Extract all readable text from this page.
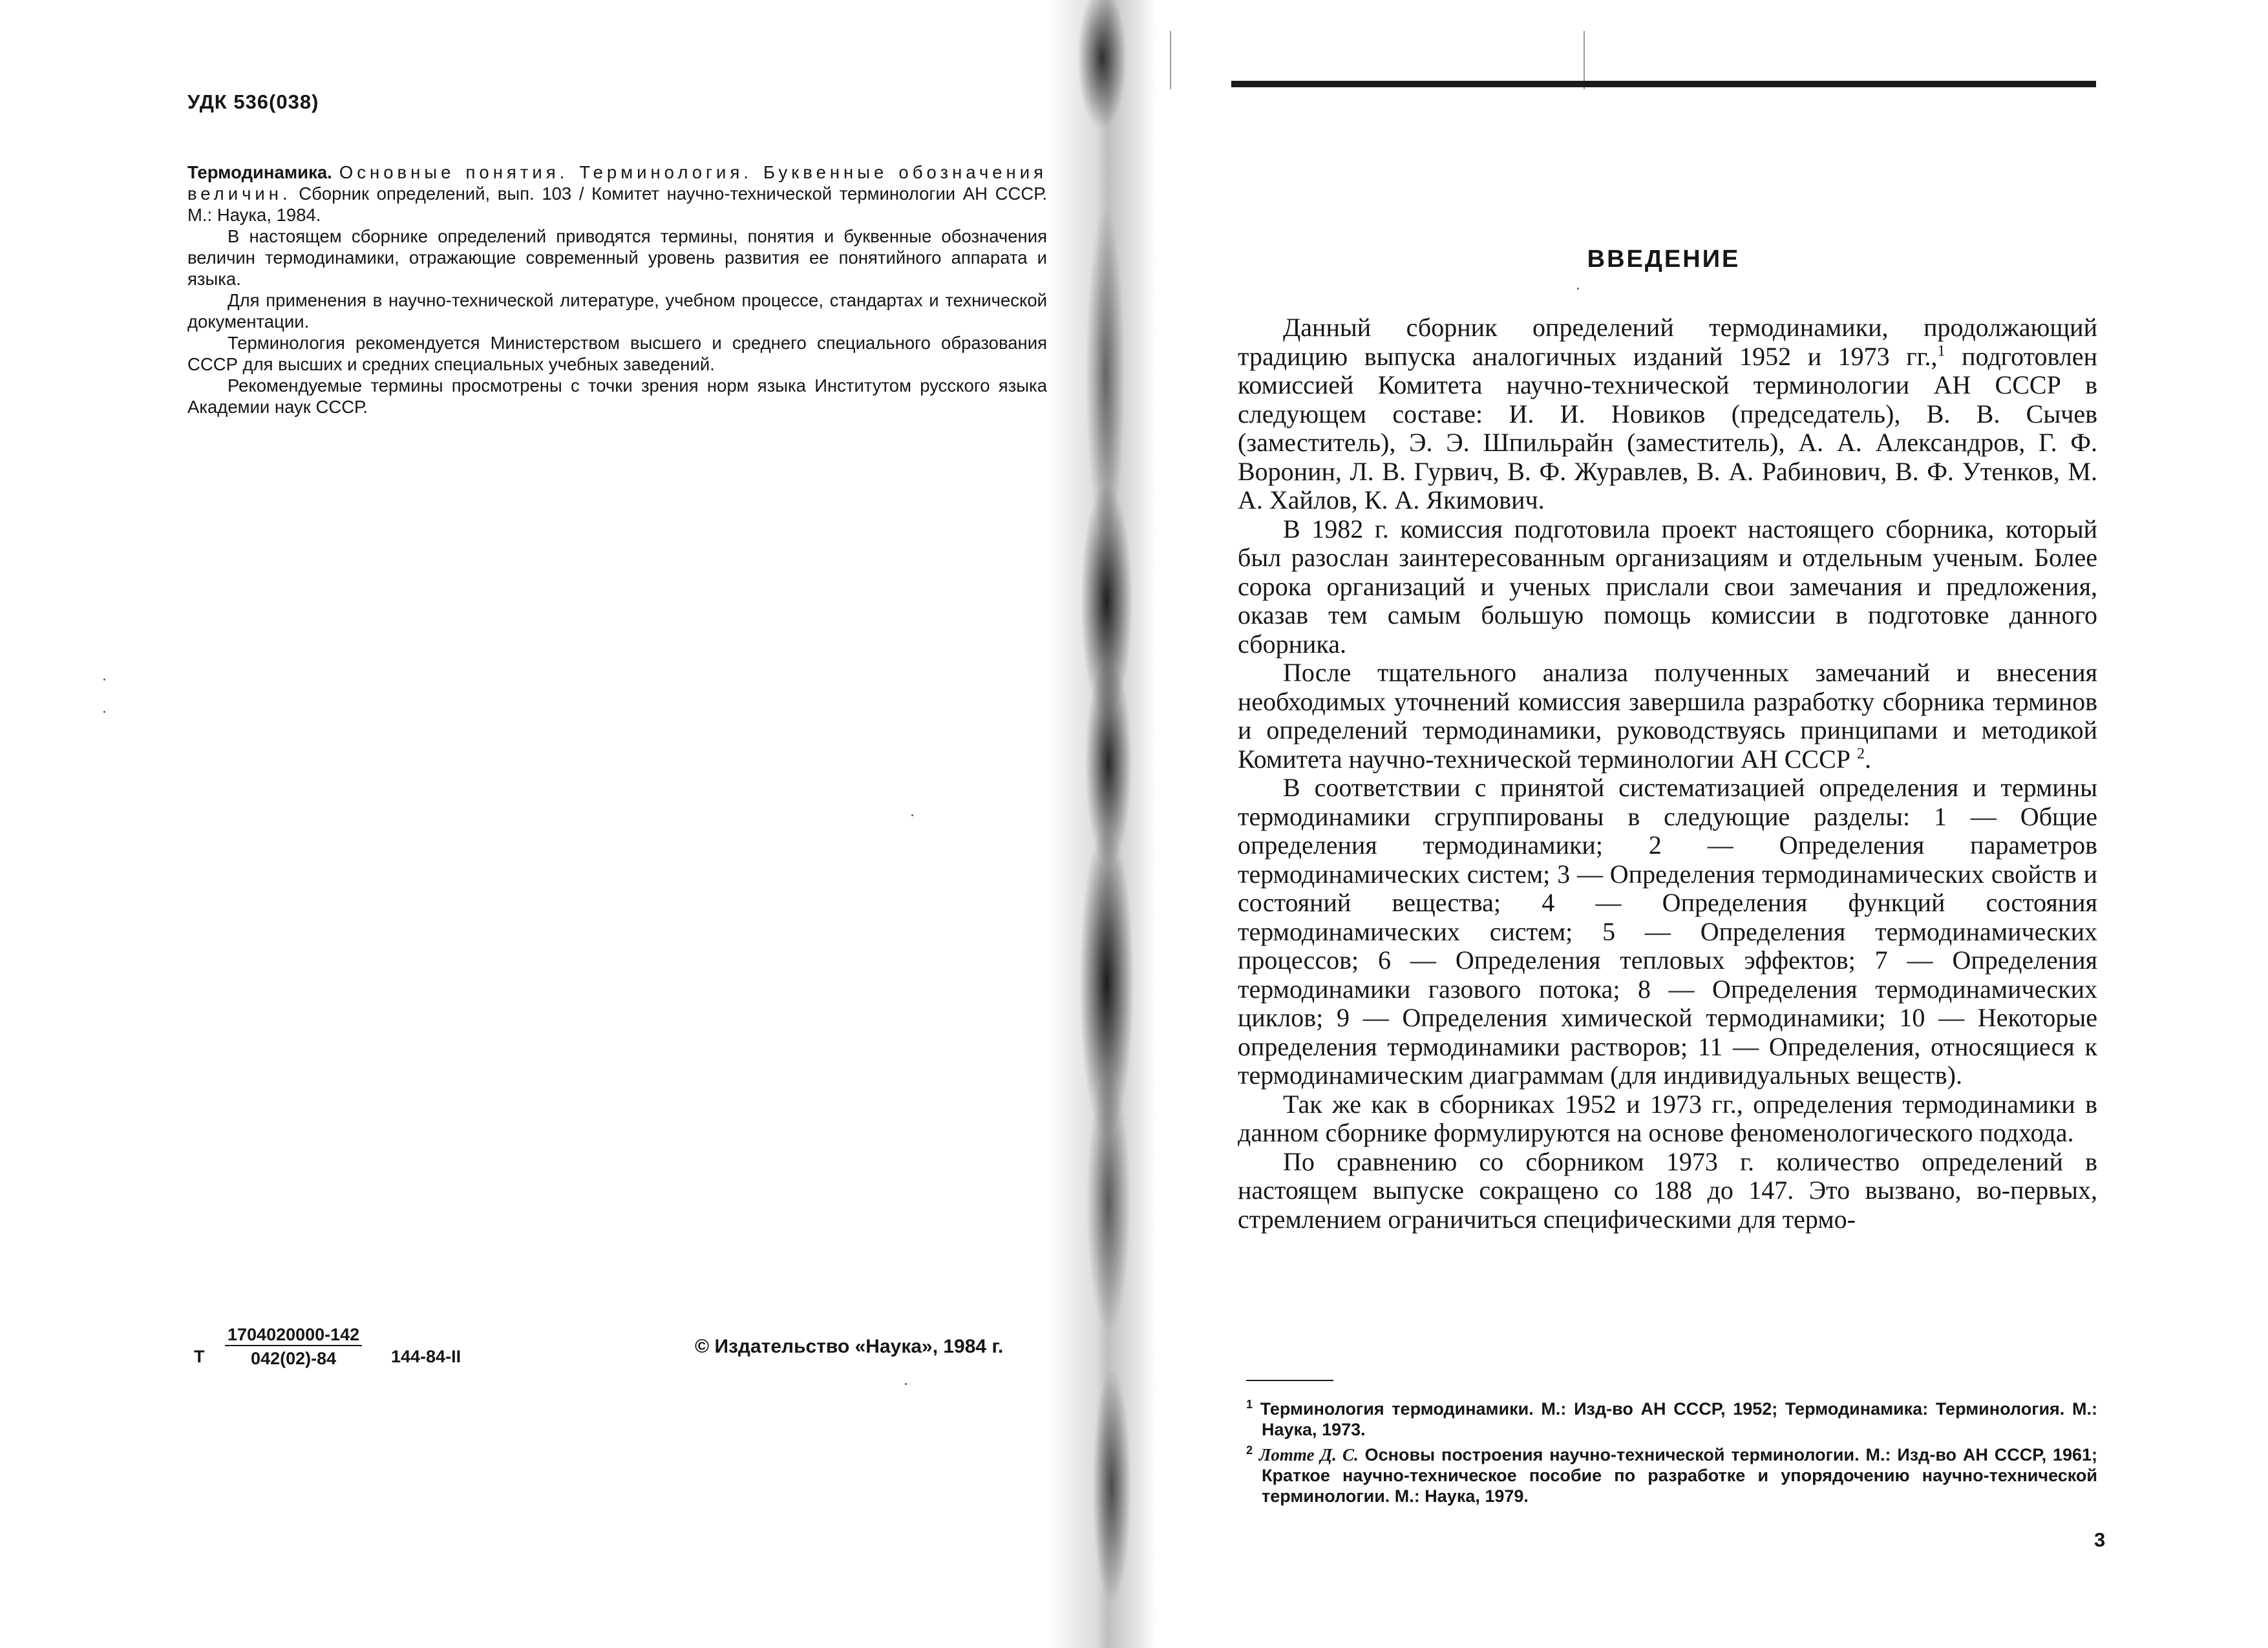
УДК 536(038)

Термодинамика. Основные понятия. Терминология. Буквенные обозначения величин. Сборник определений, вып. 103 / Комитет научно-технической терминологии АН СССР. М.: Наука, 1984.

В настоящем сборнике определений приводятся термины, понятия и буквенные обозначения величин термодинамики, отражающие современный уровень развития ее понятийного аппарата и языка.

Для применения в научно-технической литературе, учебном процессе, стандартах и технической документации.

Терминология рекомендуется Министерством высшего и среднего специального образования СССР для высших и средних специальных учебных заведений.

Рекомендуемые термины просмотрены с точки зрения норм языка Институтом русского языка Академии наук СССР.

Т $\frac{1704020000-142}{042(02)-84} 144-84-II$	© Издательство «Наука», 1984 г.
ВВЕДЕНИЕ

Данный сборник определений термодинамики, продолжающий традицию выпуска аналогичных изданий 1952 и 1973 гг.,$^1$ подготовлен комиссией Комитета научно-технической терминологии АН СССР в следующем составе: И. И. Новиков (председатель), В. В. Сычев (заместитель), Э. Э. Шпильрайн (заместитель), А. А. Александров, Г. Ф. Воронин, Л. В. Гурвич, В. Ф. Журавлев, В. А. Рабинович, В. Ф. Утенков, М. А. Хайлов, К. А. Якимович.

В 1982 г. комиссия подготовила проект настоящего сборника, который был разослан заинтересованным организациям и отдельным ученым. Более сорока организаций и ученых прислали свои замечания и предложения, оказав тем самым большую помощь комиссии в подготовке данного сборника.

После тщательного анализа полученных замечаний и внесения необходимых уточнений комиссия завершила разработку сборника терминов и определений термодинамики, руководствуясь принципами и методикой Комитета научно-технической терминологии АН СССР $^2$.

В соответствии с принятой систематизацией определения и термины термодинамики сгруппированы в следующие разделы: 1 — Общие определения термодинамики; 2 — Определения параметров термодинамических систем; 3 — Определения термодинамических свойств и состояний вещества; 4 — Определения функций состояния термодинамических систем; 5 — Определения термодинамических процессов; 6 — Определения тепловых эффектов; 7 — Определения термодинамики газового потока; 8 — Определения термодинамических циклов; 9 — Определения химической термодинамики; 10 — Некоторые определения термодинамики растворов; 11 — Определения, относящиеся к термодинамическим диаграммам (для индивидуальных веществ).

Так же как в сборниках 1952 и 1973 гг., определения термодинамики в данном сборнике формулируются на основе феноменологического подхода.

По сравнению со сборником 1973 г. количество определений в настоящем выпуске сокращено со 188 до 147. Это вызвано, во-первых, стремлением ограничиться специфическими для термо-

$^1$ Терминология термодинамики. М.: Изд-во АН СССР, 1952; Термодинамика: Терминология. М.: Наука, 1973.

$^2$ Лотте Д. С. Основы построения научно-технической терминологии. М.: Изд-во АН СССР, 1961; Краткое научно-техническое пособие по разработке и упорядочению научно-технической терминологии. М.: Наука, 1979.

3
